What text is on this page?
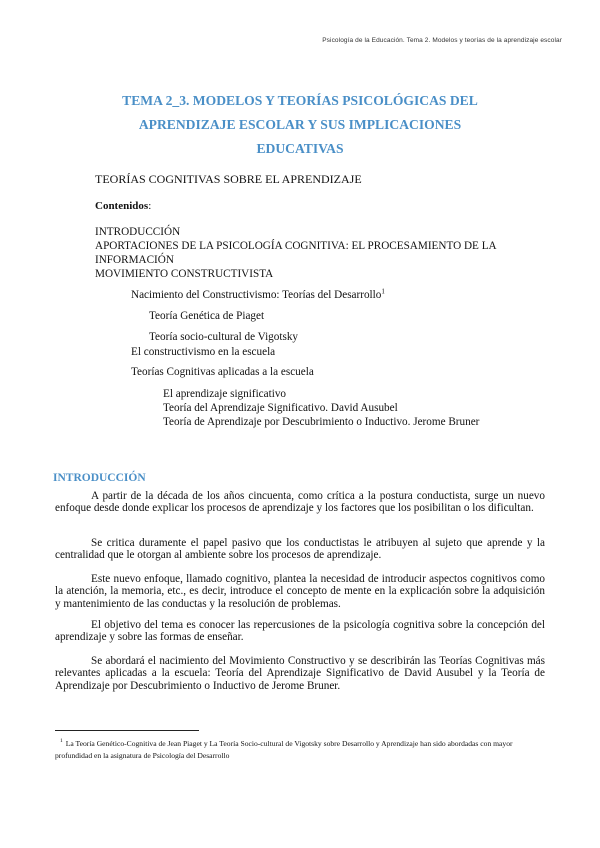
Psicología de la Educación. Tema 2. Modelos y teorías de la aprendizaje escolar
TEMA 2_3. MODELOS Y TEORÍAS PSICOLÓGICAS DEL
APRENDIZAJE ESCOLAR Y SUS IMPLICACIONES
EDUCATIVAS
TEORÍAS COGNITIVAS SOBRE EL APRENDIZAJE
Contenidos:
INTRODUCCIÓN
APORTACIONES DE LA PSICOLOGÍA COGNITIVA: EL PROCESAMIENTO DE LA
INFORMACIÓN
MOVIMIENTO CONSTRUCTIVISTA
Nacimiento del Constructivismo: Teorías del Desarrollo$^1$
Teoría Genética de Piaget
Teoría socio-cultural de Vigotsky
El constructivismo en la escuela
Teorías Cognitivas aplicadas a la escuela
El aprendizaje significativo
Teoría del Aprendizaje Significativo. David Ausubel
Teoría de Aprendizaje por Descubrimiento o Inductivo. Jerome Bruner
INTRODUCCIÓN

A partir de la década de los años cincuenta, como crítica a la postura conductista, surge un nuevo enfoque desde donde explicar los procesos de aprendizaje y los factores que los posibilitan o los dificultan.

Se critica duramente el papel pasivo que los conductistas le atribuyen al sujeto que aprende y la centralidad que le otorgan al ambiente sobre los procesos de aprendizaje.

Este nuevo enfoque, llamado cognitivo, plantea la necesidad de introducir aspectos cognitivos como la atención, la memoria, etc., es decir, introduce el concepto de mente en la explicación sobre la adquisición y mantenimiento de las conductas y la resolución de problemas.

El objetivo del tema es conocer las repercusiones de la psicología cognitiva sobre la concepción del aprendizaje y sobre las formas de enseñar.

Se abordará el nacimiento del Movimiento Constructivo y se describirán las Teorías Cognitivas más relevantes aplicadas a la escuela: Teoría del Aprendizaje Significativo de David Ausubel y la Teoría de Aprendizaje por Descubrimiento o Inductivo de Jerome Bruner.

$^1$ La Teoría Genético-Cognitiva de Jean Piaget y La Teoría Socio-cultural de Vigotsky sobre Desarrollo y Aprendizaje han sido abordadas con mayor profundidad en la asignatura de Psicología del Desarrollo
